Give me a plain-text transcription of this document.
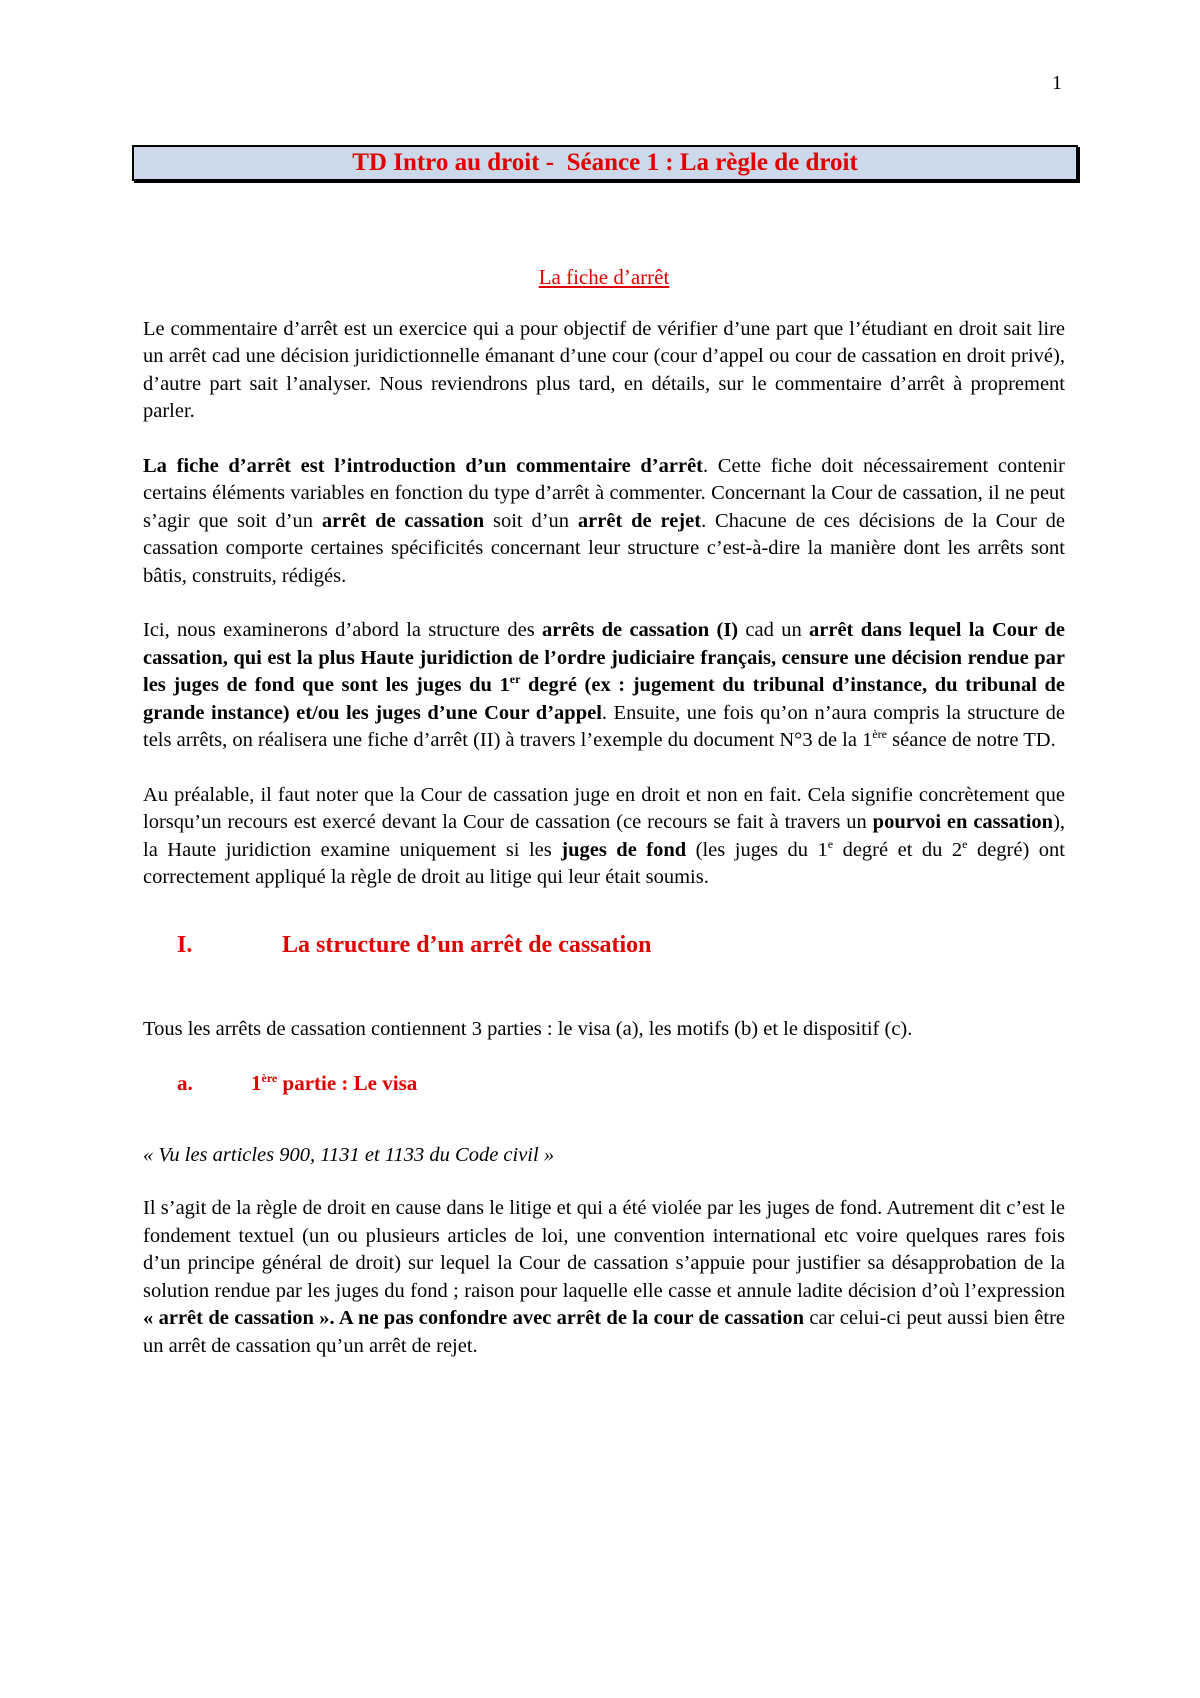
1
TD Intro au droit -  Séance 1 : La règle de droit
La fiche d’arrêt

Le commentaire d’arrêt est un exercice qui a pour objectif de vérifier d’une part que l’étudiant en droit sait lire un arrêt cad une décision juridictionnelle émanant d’une cour (cour d’appel ou cour de cassation en droit privé), d’autre part sait l’analyser. Nous reviendrons plus tard, en détails, sur le commentaire d’arrêt à proprement parler.

La fiche d’arrêt est l’introduction d’un commentaire d’arrêt. Cette fiche doit nécessairement contenir certains éléments variables en fonction du type d’arrêt à commenter. Concernant la Cour de cassation, il ne peut s’agir que soit d’un arrêt de cassation soit d’un arrêt de rejet. Chacune de ces décisions de la Cour de cassation comporte certaines spécificités concernant leur structure c’est-à-dire la manière dont les arrêts sont bâtis, construits, rédigés.

Ici, nous examinerons d’abord la structure des arrêts de cassation (I) cad un arrêt dans lequel la Cour de cassation, qui est la plus Haute juridiction de l’ordre judiciaire français, censure une décision rendue par les juges de fond que sont les juges du 1er degré (ex : jugement du tribunal d’instance, du tribunal de grande instance) et/ou les juges d’une Cour d’appel. Ensuite, une fois qu’on n’aura compris la structure de tels arrêts, on réalisera une fiche d’arrêt (II) à travers l’exemple du document N°3 de la 1ère séance de notre TD.

Au préalable, il faut noter que la Cour de cassation juge en droit et non en fait. Cela signifie concrètement que lorsqu’un recours est exercé devant la Cour de cassation (ce recours se fait à travers un pourvoi en cassation), la Haute juridiction examine uniquement si les juges de fond (les juges du 1e degré et du 2e degré) ont correctement appliqué la règle de droit au litige qui leur était soumis.

I.	La structure d’un arrêt de cassation

Tous les arrêts de cassation contiennent 3 parties : le visa (a), les motifs (b) et le dispositif (c).

a.	1ère partie : Le visa

« Vu les articles 900, 1131 et 1133 du Code civil »

Il s’agit de la règle de droit en cause dans le litige et qui a été violée par les juges de fond. Autrement dit c’est le fondement textuel (un ou plusieurs articles de loi, une convention international etc voire quelques rares fois d’un principe général de droit) sur lequel la Cour de cassation s’appuie pour justifier sa désapprobation de la solution rendue par les juges du fond ; raison pour laquelle elle casse et annule ladite décision d’où l’expression « arrêt de cassation ». A ne pas confondre avec arrêt de la cour de cassation car celui-ci peut aussi bien être un arrêt de cassation qu’un arrêt de rejet.
